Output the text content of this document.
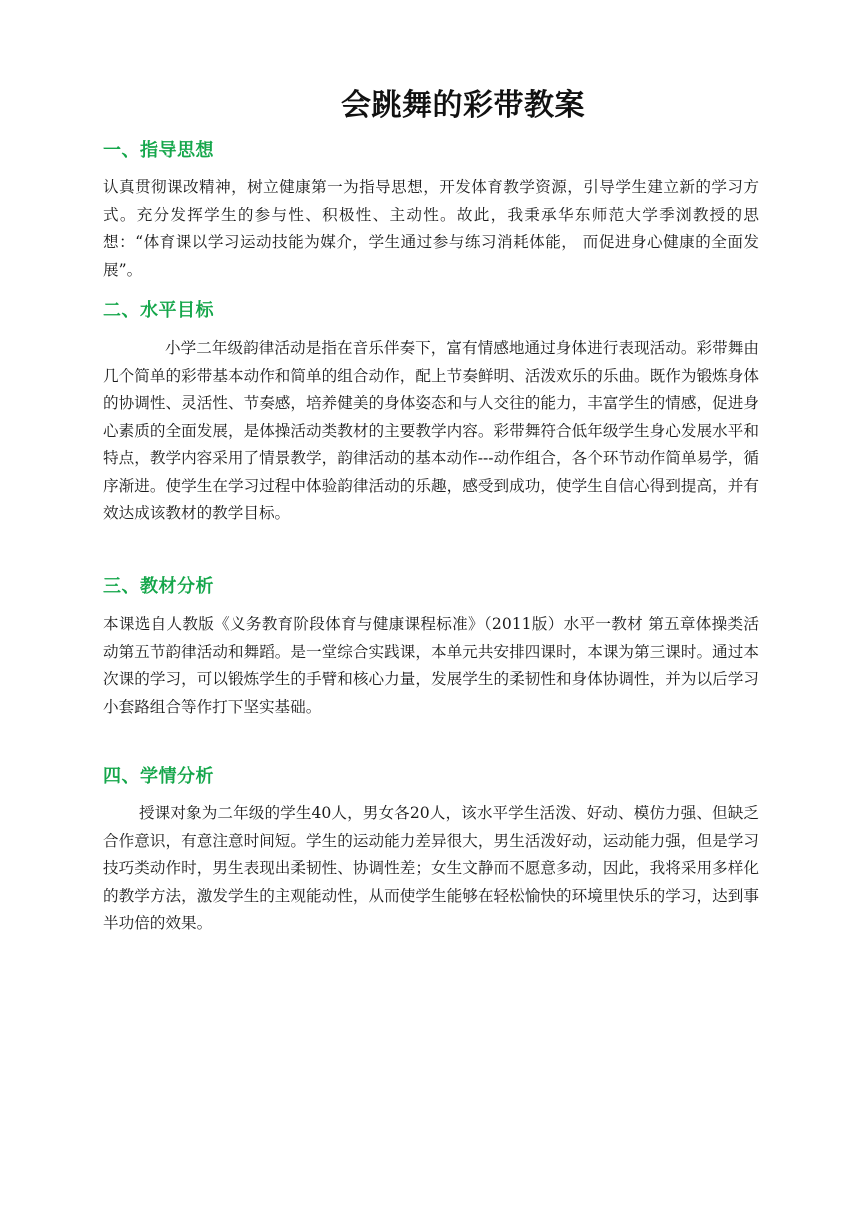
会跳舞的彩带教案
一、指导思想
认真贯彻课改精神，树立健康第一为指导思想，开发体育教学资源，引导学生建立新的学习方式。充分发挥学生的参与性、积极性、主动性。故此，我秉承华东师范大学季浏教授的思想：“体育课以学习运动技能为媒介，学生通过参与练习消耗体能， 而促进身心健康的全面发展”。
二、水平目标
小学二年级韵律活动是指在音乐伴奏下，富有情感地通过身体进行表现活动。彩带舞由几个简单的彩带基本动作和简单的组合动作，配上节奏鲜明、活泼欢乐的乐曲。既作为锻炼身体的协调性、灵活性、节奏感，培养健美的身体姿态和与人交往的能力，丰富学生的情感，促进身心素质的全面发展，是体操活动类教材的主要教学内容。彩带舞符合低年级学生身心发展水平和特点，教学内容采用了情景教学，韵律活动的基本动作---动作组合，各个环节动作简单易学，循序渐进。使学生在学习过程中体验韵律活动的乐趣，感受到成功，使学生自信心得到提高，并有效达成该教材的教学目标。
三、教材分析
本课选自人教版《义务教育阶段体育与健康课程标准》（2011版）水平一教材 第五章体操类活动第五节韵律活动和舞蹈。是一堂综合实践课，本单元共安排四课时，本课为第三课时。通过本次课的学习，可以锻炼学生的手臂和核心力量，发展学生的柔韧性和身体协调性，并为以后学习小套路组合等作打下坚实基础。
四、学情分析
授课对象为二年级的学生40人，男女各20人，该水平学生活泼、好动、模仿力强、但缺乏合作意识，有意注意时间短。学生的运动能力差异很大，男生活泼好动，运动能力强，但是学习技巧类动作时，男生表现出柔韧性、协调性差；女生文静而不愿意多动，因此，我将采用多样化的教学方法，激发学生的主观能动性，从而使学生能够在轻松愉快的环境里快乐的学习，达到事半功倍的效果。
